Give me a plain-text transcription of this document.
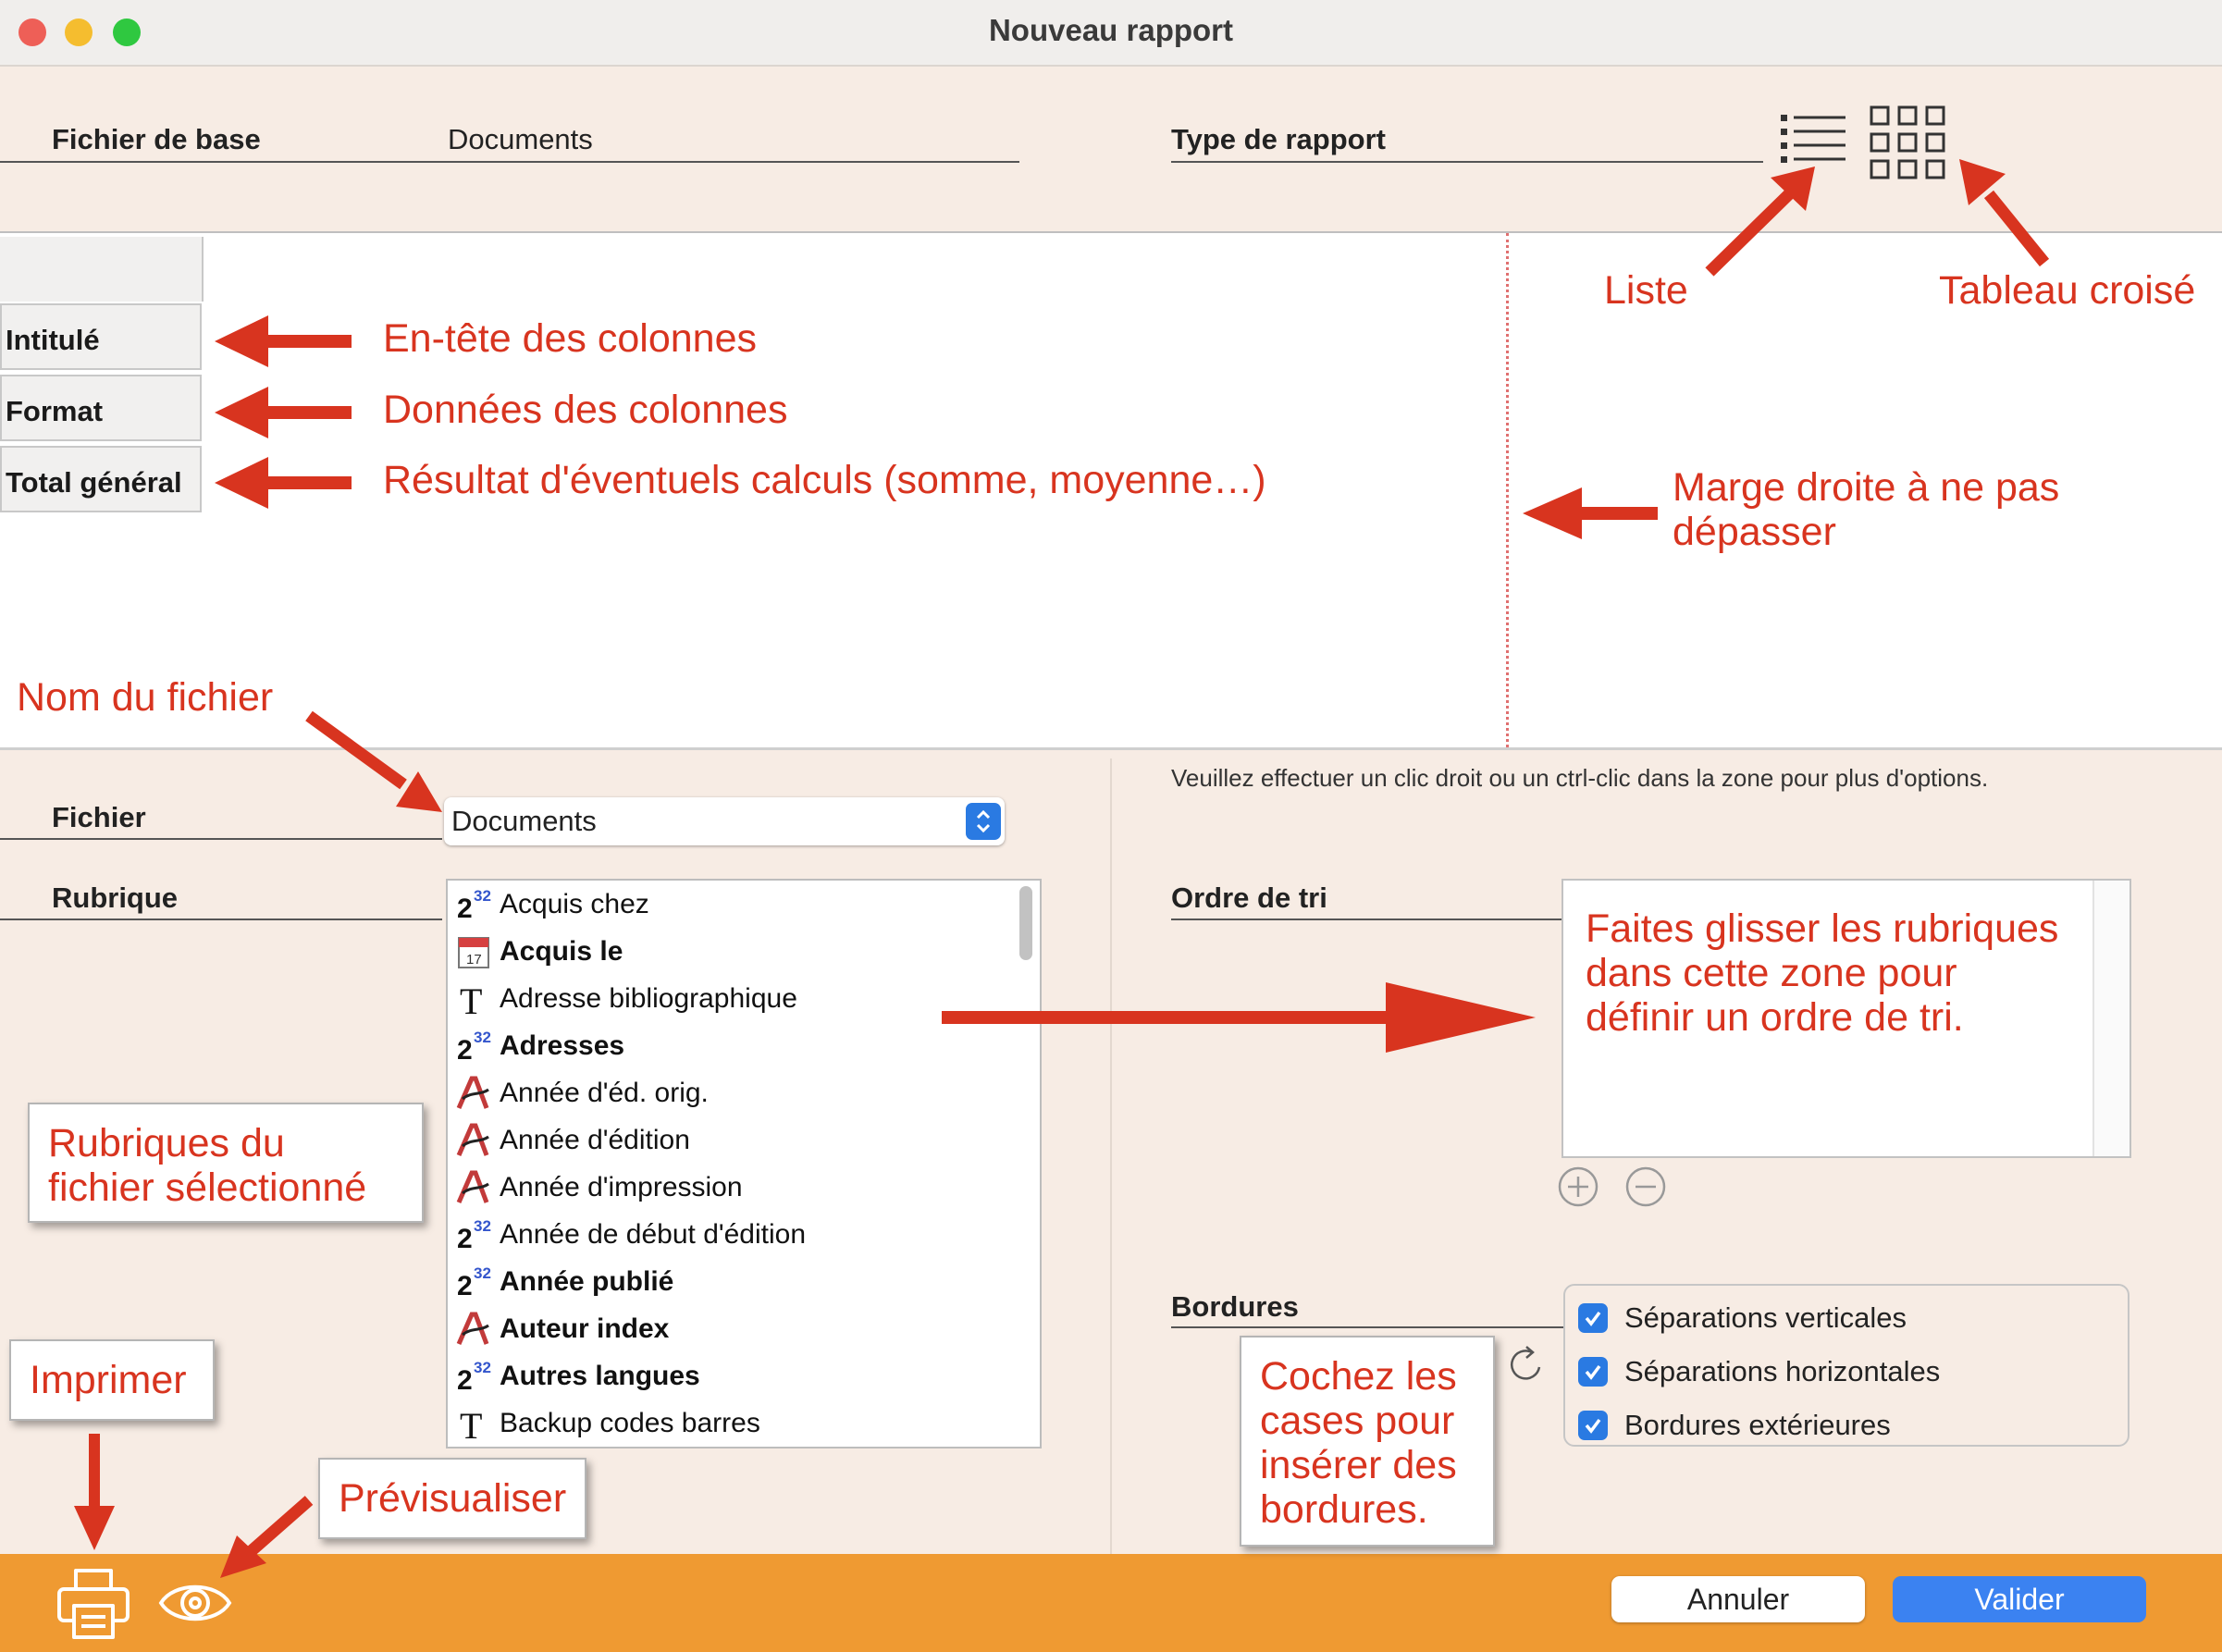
Nouveau rapport
Fichier de base	Documents	Type de rapport
Intitulé
Format
Total général
En-tête des colonnes
Données des colonnes
Résultat d'éventuels calculs (somme, moyenne…)
Liste	Tableau croisé
Marge droite à ne pas
dépasser
Nom du fichier
Fichier	Documents
Rubrique	2 32 Acquis chez
17 Acquis le
T Adresse bibliographique
2 32 Adresses
Année d'éd. orig.
Année d'édition
Année d'impression
2 32 Année de début d'édition
2 32 Année publié
Auteur index
2 32 Autres langues
T Backup codes barres
Veuillez effectuer un clic droit ou un ctrl-clic dans la zone pour plus d'options.
Ordre de tri
Faites glisser les rubriques
dans cette zone pour
définir un ordre de tri.
Bordures	Séparations verticales
Séparations horizontales
Bordures extérieures
Rubriques du
fichier sélectionné
Imprimer
Prévisualiser
Cochez les
cases pour
insérer des
bordures.
Annuler	Valider
